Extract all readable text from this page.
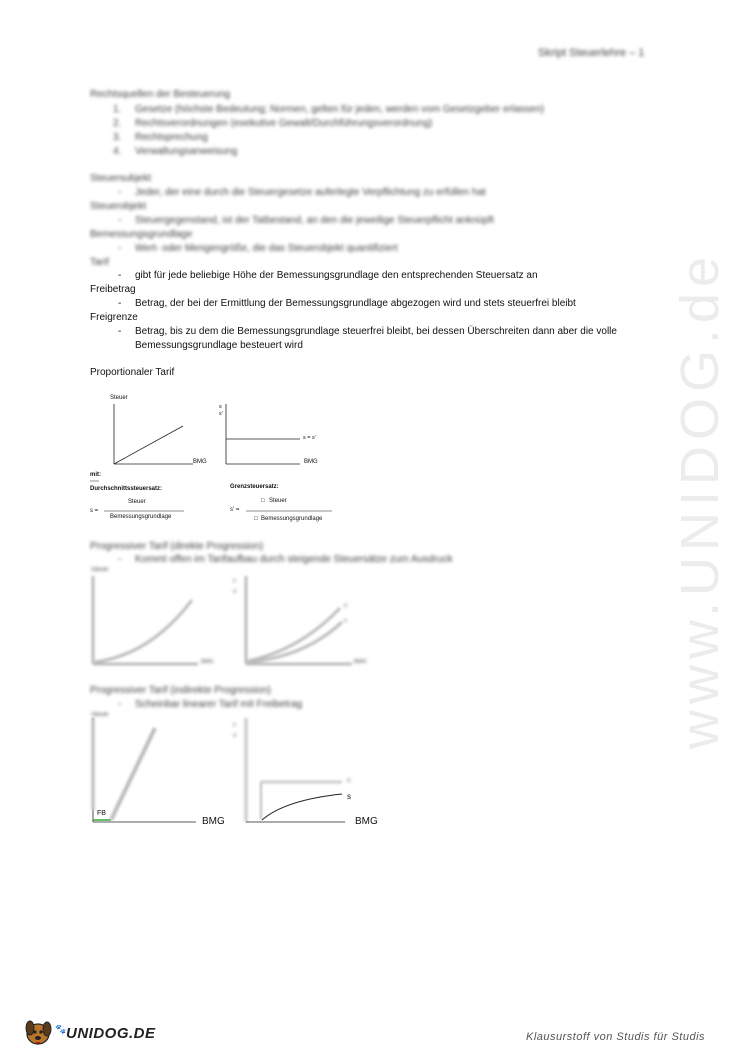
Skript Steuerlehre – 1
www.UNIDOG.de
Rechtsquellen der Besteuerung
1. Gesetze (höchste Bedeutung; Normen, gelten für jeden, werden vom Gesetzgeber erlassen)
2. Rechtsverordnungen (exekutive Gewalt/Durchführungsverordnung)
3. Rechtsprechung
4. Verwaltungsanweisung
Steuersubjekt
- Jeder, der eine durch die Steuergesetze auferlegte Verpflichtung zu erfüllen hat
Steuerobjekt
- Steuergegenstand, ist der Tatbestand, an den die jeweilige Steuerpflicht anknüpft
Bemessungsgrundlage
- Wert- oder Mengengröße, die das Steuerobjekt quantifiziert
Tarif
- gibt für jede beliebige Höhe der Bemessungsgrundlage den entsprechenden Steuersatz an
Freibetrag
- Betrag, der bei der Ermittlung der Bemessungsgrundlage abgezogen wird und stets steuerfrei bleibt
Freigrenze
- Betrag, bis zu dem die Bemessungsgrundlage steuerfrei bleibt, bei dessen Überschreiten dann aber die volle
Bemessungsgrundlage besteuert wird
Proportionaler Tarif
Steuer
BMG
s
s'
s = s'
BMG
mit:
Durchschnittssteuersatz:
s =
Steuer
Bemessungsgrundlage
Grenzsteuersatz:
s' =
□ Steuer
□ Bemessungsgrundlage
Progressiver Tarif (direkte Progression)
- Kommt offen im Tarifaufbau durch steigende Steuersätze zum Ausdruck
Steuer
BMG
s
s'
s'
s
BMG
Progressiver Tarif (indirekte Progression)
- Scheinbar linearer Tarif mit Freibetrag
Steuer
FB
BMG
s
s'
s'
s
BMG
🐾 UNIDOG.DE	Klausurstoff von Studis für Studis
